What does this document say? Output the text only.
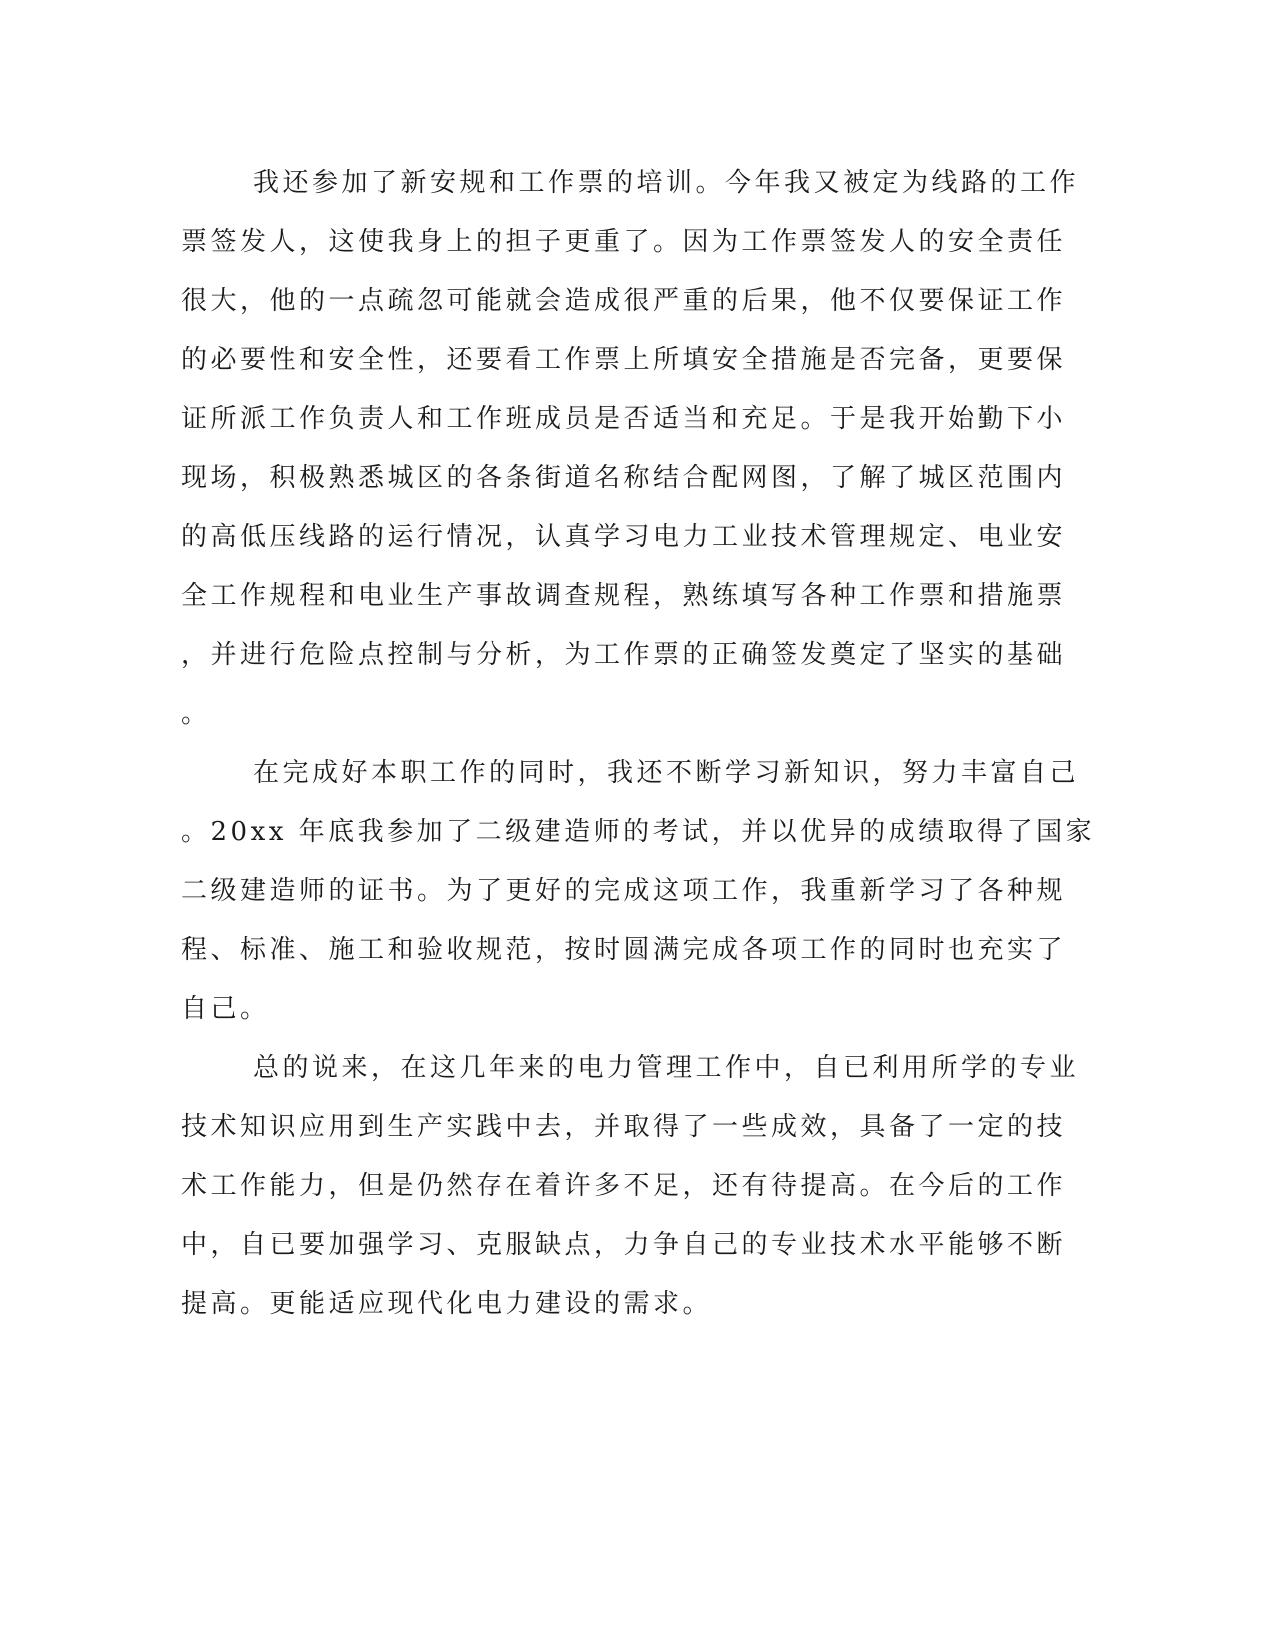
我还参加了新安规和工作票的培训。今年我又被定为线路的工作
票签发人，这使我身上的担子更重了。因为工作票签发人的安全责任
很大，他的一点疏忽可能就会造成很严重的后果，他不仅要保证工作
的必要性和安全性，还要看工作票上所填安全措施是否完备，更要保
证所派工作负责人和工作班成员是否适当和充足。于是我开始勤下小
现场，积极熟悉城区的各条街道名称结合配网图，了解了城区范围内
的高低压线路的运行情况，认真学习电力工业技术管理规定、电业安
全工作规程和电业生产事故调查规程，熟练填写各种工作票和措施票
，并进行危险点控制与分析，为工作票的正确签发奠定了坚实的基础
。
在完成好本职工作的同时，我还不断学习新知识，努力丰富自己
。20xx 年底我参加了二级建造师的考试，并以优异的成绩取得了国家
二级建造师的证书。为了更好的完成这项工作，我重新学习了各种规
程、标准、施工和验收规范，按时圆满完成各项工作的同时也充实了
自己。
总的说来，在这几年来的电力管理工作中，自已利用所学的专业
技术知识应用到生产实践中去，并取得了一些成效，具备了一定的技
术工作能力，但是仍然存在着许多不足，还有待提高。在今后的工作
中，自已要加强学习、克服缺点，力争自己的专业技术水平能够不断
提高。更能适应现代化电力建设的需求。
